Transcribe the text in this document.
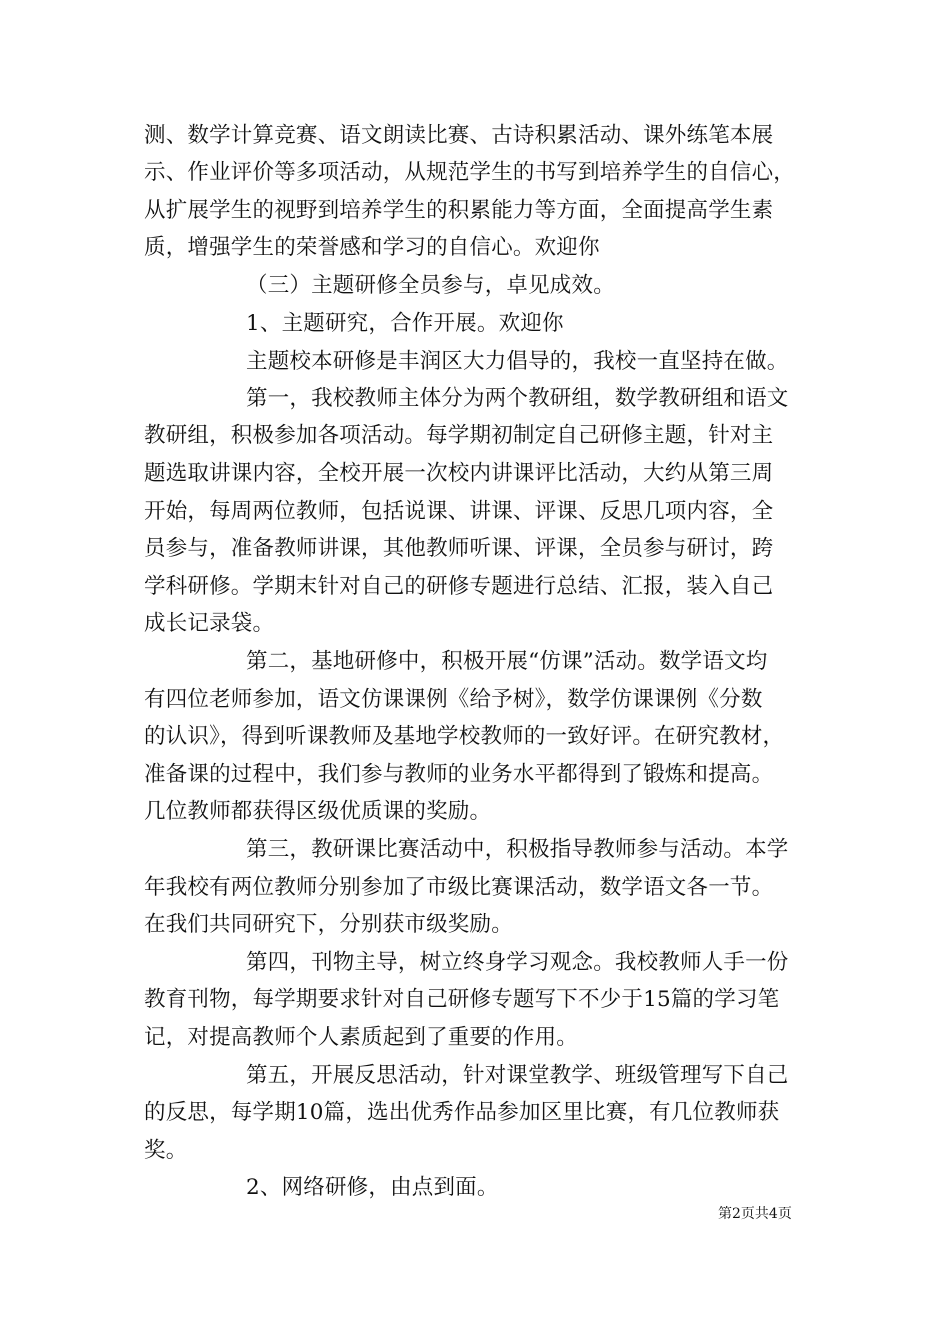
测、数学计算竞赛、语文朗读比赛、古诗积累活动、课外练笔本展
示、作业评价等多项活动，从规范学生的书写到培养学生的自信心，
从扩展学生的视野到培养学生的积累能力等方面，全面提高学生素
质，增强学生的荣誉感和学习的自信心。欢迎你
（三）主题研修全员参与，卓见成效。
1、主题研究，合作开展。欢迎你
主题校本研修是丰润区大力倡导的，我校一直坚持在做。
第一，我校教师主体分为两个教研组，数学教研组和语文
教研组，积极参加各项活动。每学期初制定自己研修主题，针对主
题选取讲课内容，全校开展一次校内讲课评比活动，大约从第三周
开始，每周两位教师，包括说课、讲课、评课、反思几项内容，全
员参与，准备教师讲课，其他教师听课、评课，全员参与研讨，跨
学科研修。学期末针对自己的研修专题进行总结、汇报，装入自己
成长记录袋。
第二，基地研修中，积极开展“仿课”活动。数学语文均
有四位老师参加，语文仿课课例《给予树》，数学仿课课例《分数
的认识》，得到听课教师及基地学校教师的一致好评。在研究教材，
准备课的过程中，我们参与教师的业务水平都得到了锻炼和提高。
几位教师都获得区级优质课的奖励。
第三，教研课比赛活动中，积极指导教师参与活动。本学
年我校有两位教师分别参加了市级比赛课活动，数学语文各一节。
在我们共同研究下，分别获市级奖励。
第四，刊物主导，树立终身学习观念。我校教师人手一份
教育刊物，每学期要求针对自己研修专题写下不少于15篇的学习笔
记，对提高教师个人素质起到了重要的作用。
第五，开展反思活动，针对课堂教学、班级管理写下自己
的反思，每学期10篇，选出优秀作品参加区里比赛，有几位教师获
奖。
2、网络研修，由点到面。
第2页共4页
